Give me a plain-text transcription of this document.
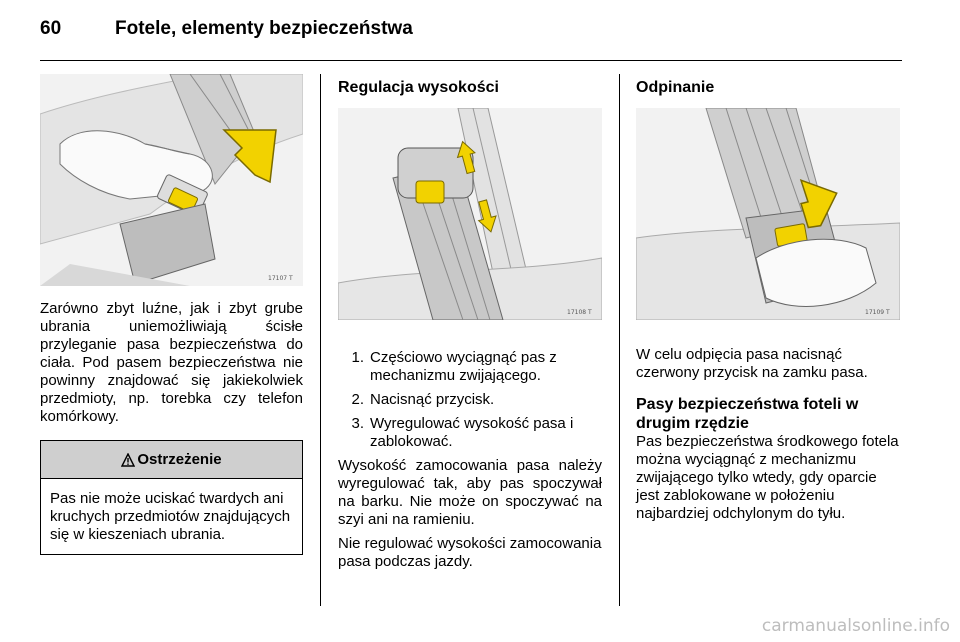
60	Fotele, elementy bezpieczeństwa
17107 T

Zarówno zbyt luźne, jak i zbyt grube ubrania uniemożliwiają ścisłe przyleganie pasa bezpieczeństwa do ciała. Pod pasem bezpieczeństwa nie powinny znajdować się jakiekolwiek przedmioty, np. torebka czy telefon komórkowy.

Ostrzeżenie
Pas nie może uciskać twardych ani kruchych przedmiotów znajdujących się w kieszeniach ubrania.
Regulacja wysokości
17108 T
1. Częściowo wyciągnąć pas z mechanizmu zwijającego.
2. Nacisnąć przycisk.
3. Wyregulować wysokość pasa i zablokować.

Wysokość zamocowania pasa należy wyregulować tak, aby pas spoczywał na barku. Nie może on spoczywać na szyi ani na ramieniu.

Nie regulować wysokości zamocowania pasa podczas jazdy.

Odpinanie
17109 T

W celu odpięcia pasa nacisnąć czerwony przycisk na zamku pasa.

Pasy bezpieczeństwa foteli w drugim rzędzie

Pas bezpieczeństwa środkowego fotela można wyciągnąć z mechanizmu zwijającego tylko wtedy, gdy oparcie jest zablokowane w położeniu najbardziej odchylonym do tyłu.

carmanualsonline.info
